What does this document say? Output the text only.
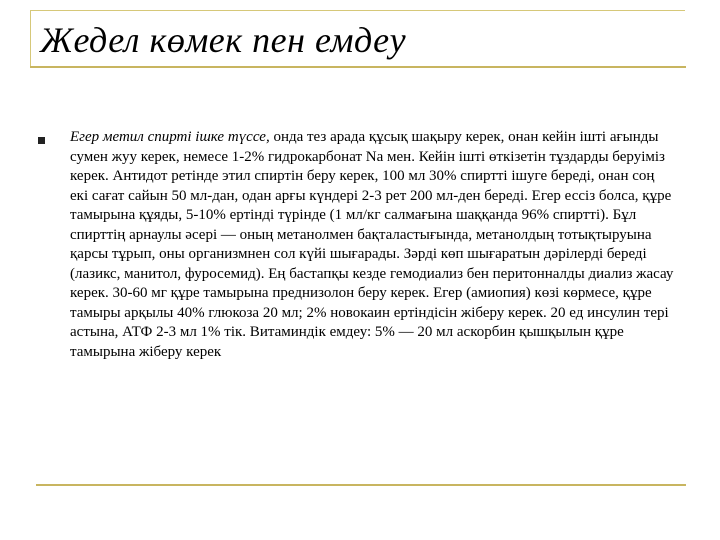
Жедел көмек пен емдеу

Егер метил спирті ішке түссе, онда тез арада құсық шақыру керек, онан кейін іштi ағынды сумен жуу керек, немесе 1-2% гидрокарбонат Na мен. Кейін ішті өткізетін тұздарды беруіміз керек. Антидот ретінде этил спиртін беру керек, 100 мл 30% спиртті ішуге береді, онан соң екі сағат сайын 50 мл-дан, одан арғы күндері 2-3 рет 200 мл-ден береді. Егер ессіз болса, құре тамырына құяды, 5-10% ертінді түрінде (1 мл/кг салмағына шаққанда 96% спиртті). Бұл спирттің арнаулы әсері — оның метанолмен бақталастығында, метанолдың тотықтыруына қарсы тұрып, оны организмнен сол күйі шығарады. Зәрді көп шығаратын дәрілерді береді (лазикс, манитол, фуросемид). Ең бастапқы кезде гемодиализ бен перитонналды диализ жасау керек. 30-60 мг құре тамырына преднизолон беру керек. Егер (амиопия) көзі көрмесе, құре тамыры арқылы 40% глюкоза 20 мл; 2% новокаин ертіндісін жіберу керек. 20 ед инсулин тері астына, АТФ 2-3 мл 1% тік. Витаминдік емдеу: 5% — 20 мл аскорбин қышқылын құре тамырына жіберу керек
